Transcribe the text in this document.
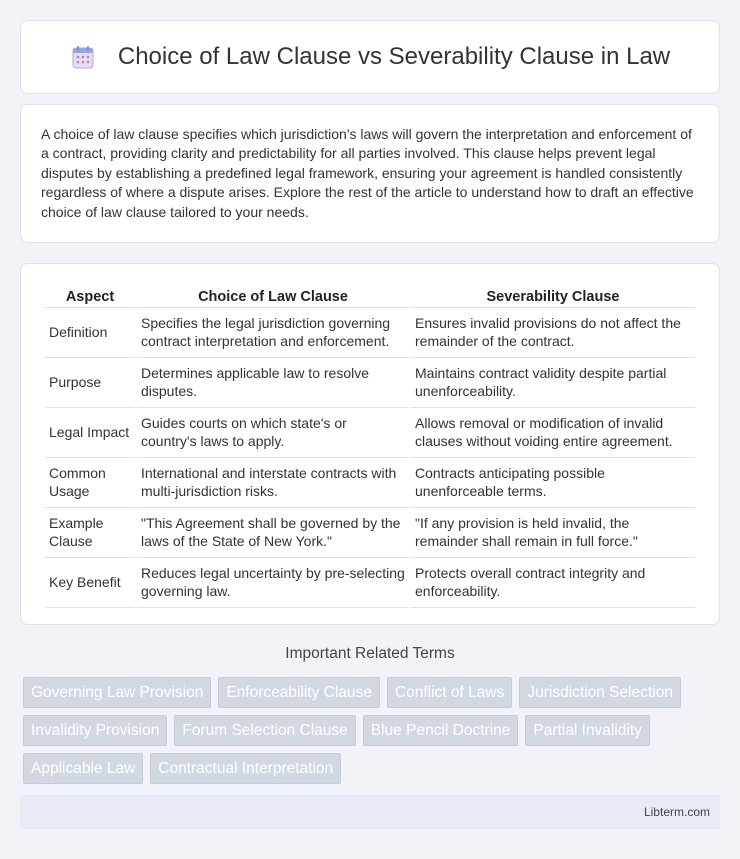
Choice of Law Clause vs Severability Clause in Law

A choice of law clause specifies which jurisdiction's laws will govern the interpretation and enforcement of a contract, providing clarity and predictability for all parties involved. This clause helps prevent legal disputes by establishing a predefined legal framework, ensuring your agreement is handled consistently regardless of where a dispute arises. Explore the rest of the article to understand how to draft an effective choice of law clause tailored to your needs.

Aspect	Choice of Law Clause	Severability Clause
Definition	Specifies the legal jurisdiction governing contract interpretation and enforcement.	Ensures invalid provisions do not affect the remainder of the contract.
Purpose	Determines applicable law to resolve disputes.	Maintains contract validity despite partial unenforceability.
Legal Impact	Guides courts on which state's or country's laws to apply.	Allows removal or modification of invalid clauses without voiding entire agreement.
Common Usage	International and interstate contracts with multi-jurisdiction risks.	Contracts anticipating possible unenforceable terms.
Example Clause	"This Agreement shall be governed by the laws of the State of New York."	"If any provision is held invalid, the remainder shall remain in full force."
Key Benefit	Reduces legal uncertainty by pre-selecting governing law.	Protects overall contract integrity and enforceability.
Important Related Terms
Governing Law Provision	Enforceability Clause	Conflict of Laws	Jurisdiction Selection
Invalidity Provision	Forum Selection Clause	Blue Pencil Doctrine	Partial Invalidity
Applicable Law	Contractual Interpretation
Libterm.com
